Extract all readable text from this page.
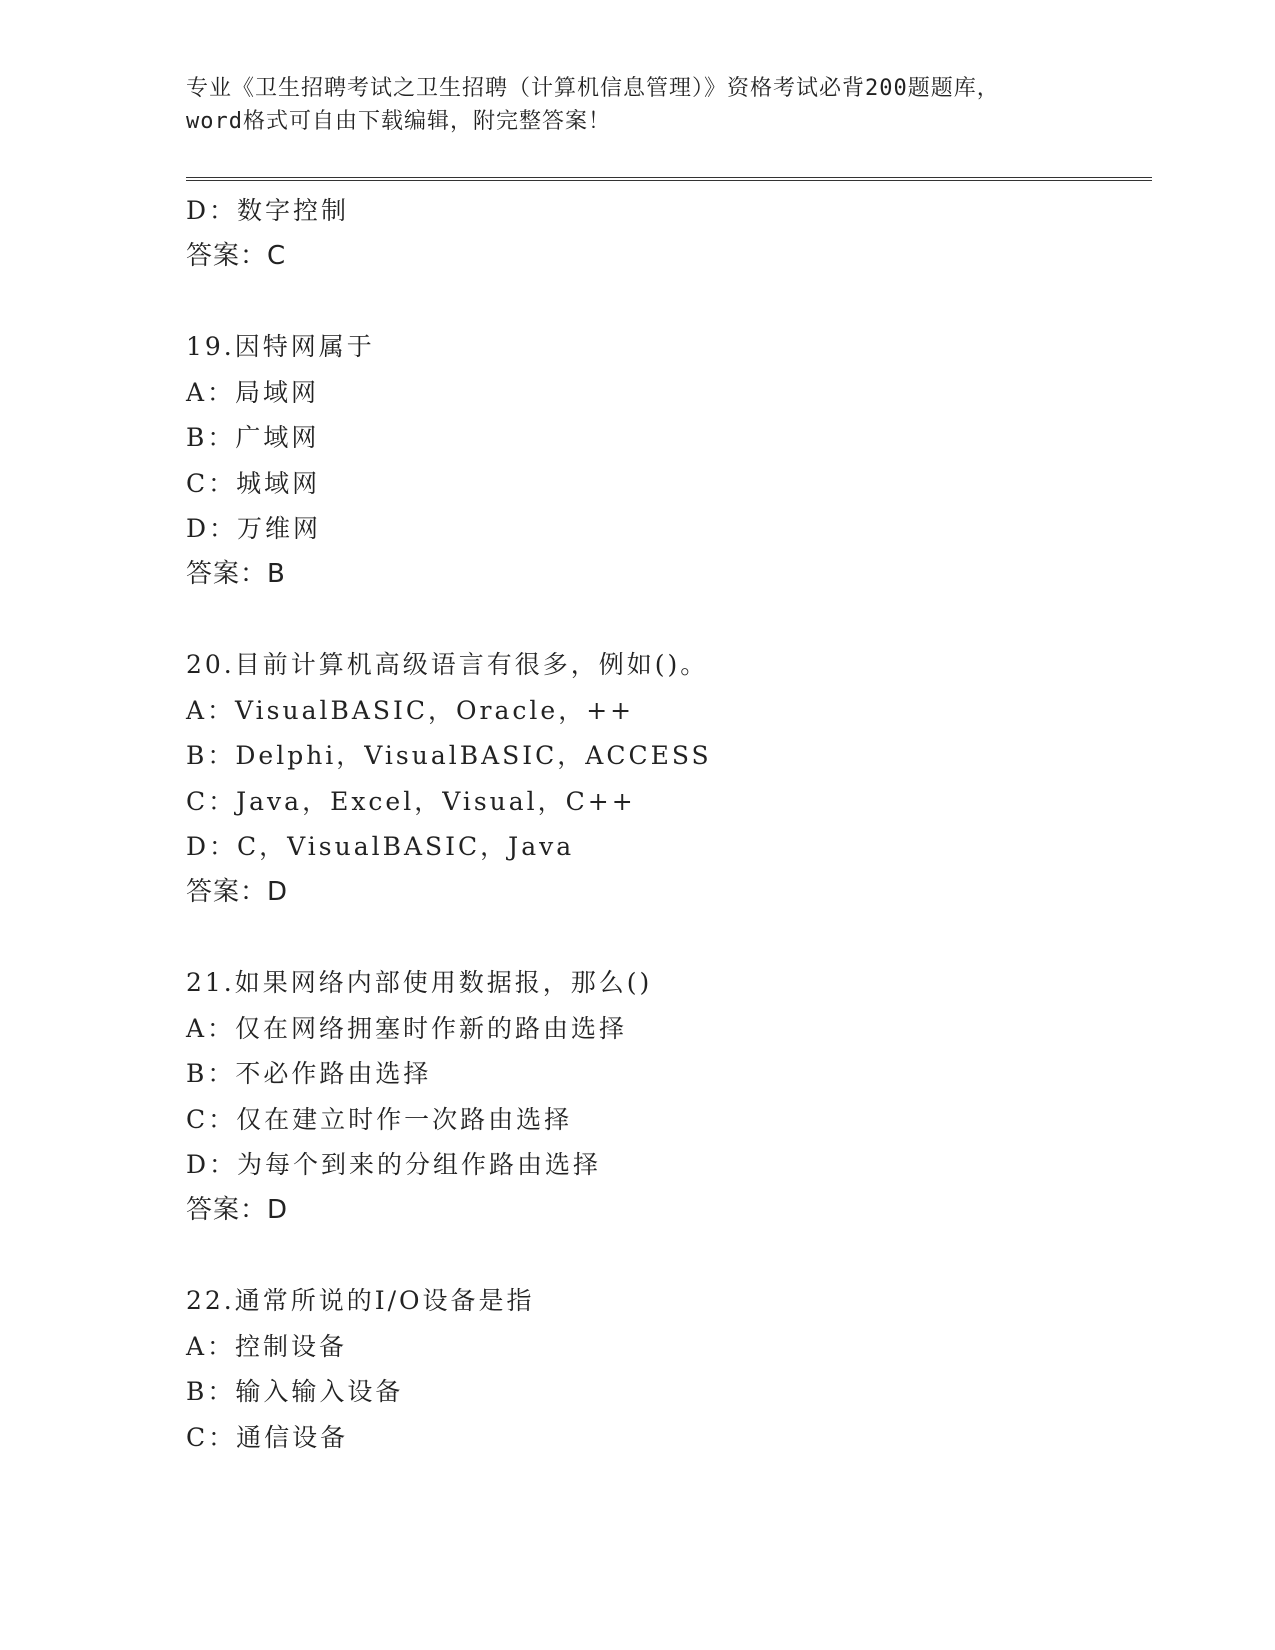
专业《卫生招聘考试之卫生招聘（计算机信息管理）》资格考试必背200题题库，
word格式可自由下载编辑，附完整答案！
D：数字控制
答案：C
19.因特网属于
A：局域网
B：广域网
C：城域网
D：万维网
答案：B
20.目前计算机高级语言有很多，例如()。
A：VisualBASIC，Oracle，++
B：Delphi，VisualBASIC，ACCESS
C：Java，Excel，Visual，C++
D：C，VisualBASIC，Java
答案：D
21.如果网络内部使用数据报，那么()
A：仅在网络拥塞时作新的路由选择
B：不必作路由选择
C：仅在建立时作一次路由选择
D：为每个到来的分组作路由选择
答案：D
22.通常所说的I/O设备是指
A：控制设备
B：输入输入设备
C：通信设备
